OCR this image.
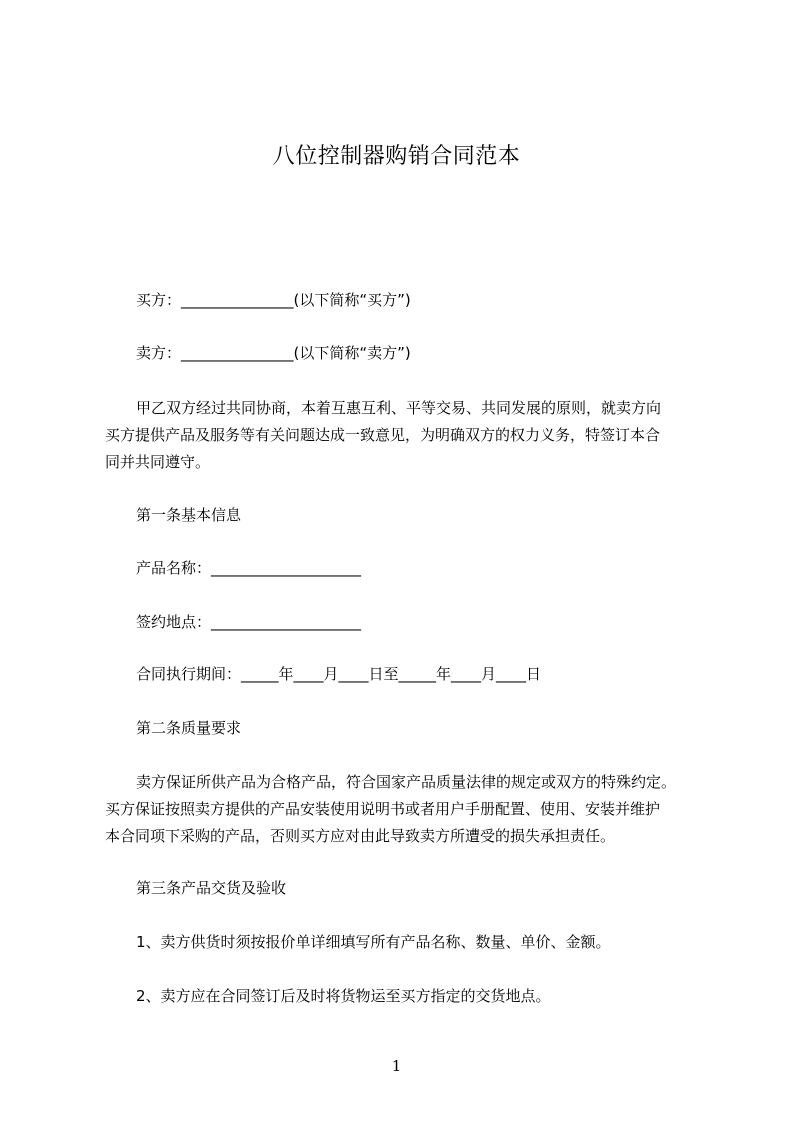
八位控制器购销合同范本
买方：_______________(以下简称“买方”)
卖方：_______________(以下简称“卖方”)
甲乙双方经过共同协商，本着互惠互利、平等交易、共同发展的原则，就卖方向
买方提供产品及服务等有关问题达成一致意见，为明确双方的权力义务，特签订本合
同并共同遵守。
第一条基本信息
产品名称：____________________
签约地点：____________________
合同执行期间：_____年____月____日至_____年____月____日
第二条质量要求
卖方保证所供产品为合格产品，符合国家产品质量法律的规定或双方的特殊约定。
买方保证按照卖方提供的产品安装使用说明书或者用户手册配置、使用、安装并维护
本合同项下采购的产品，否则买方应对由此导致卖方所遭受的损失承担责任。
第三条产品交货及验收
1、卖方供货时须按报价单详细填写所有产品名称、数量、单价、金额。
2、卖方应在合同签订后及时将货物运至买方指定的交货地点。
1
